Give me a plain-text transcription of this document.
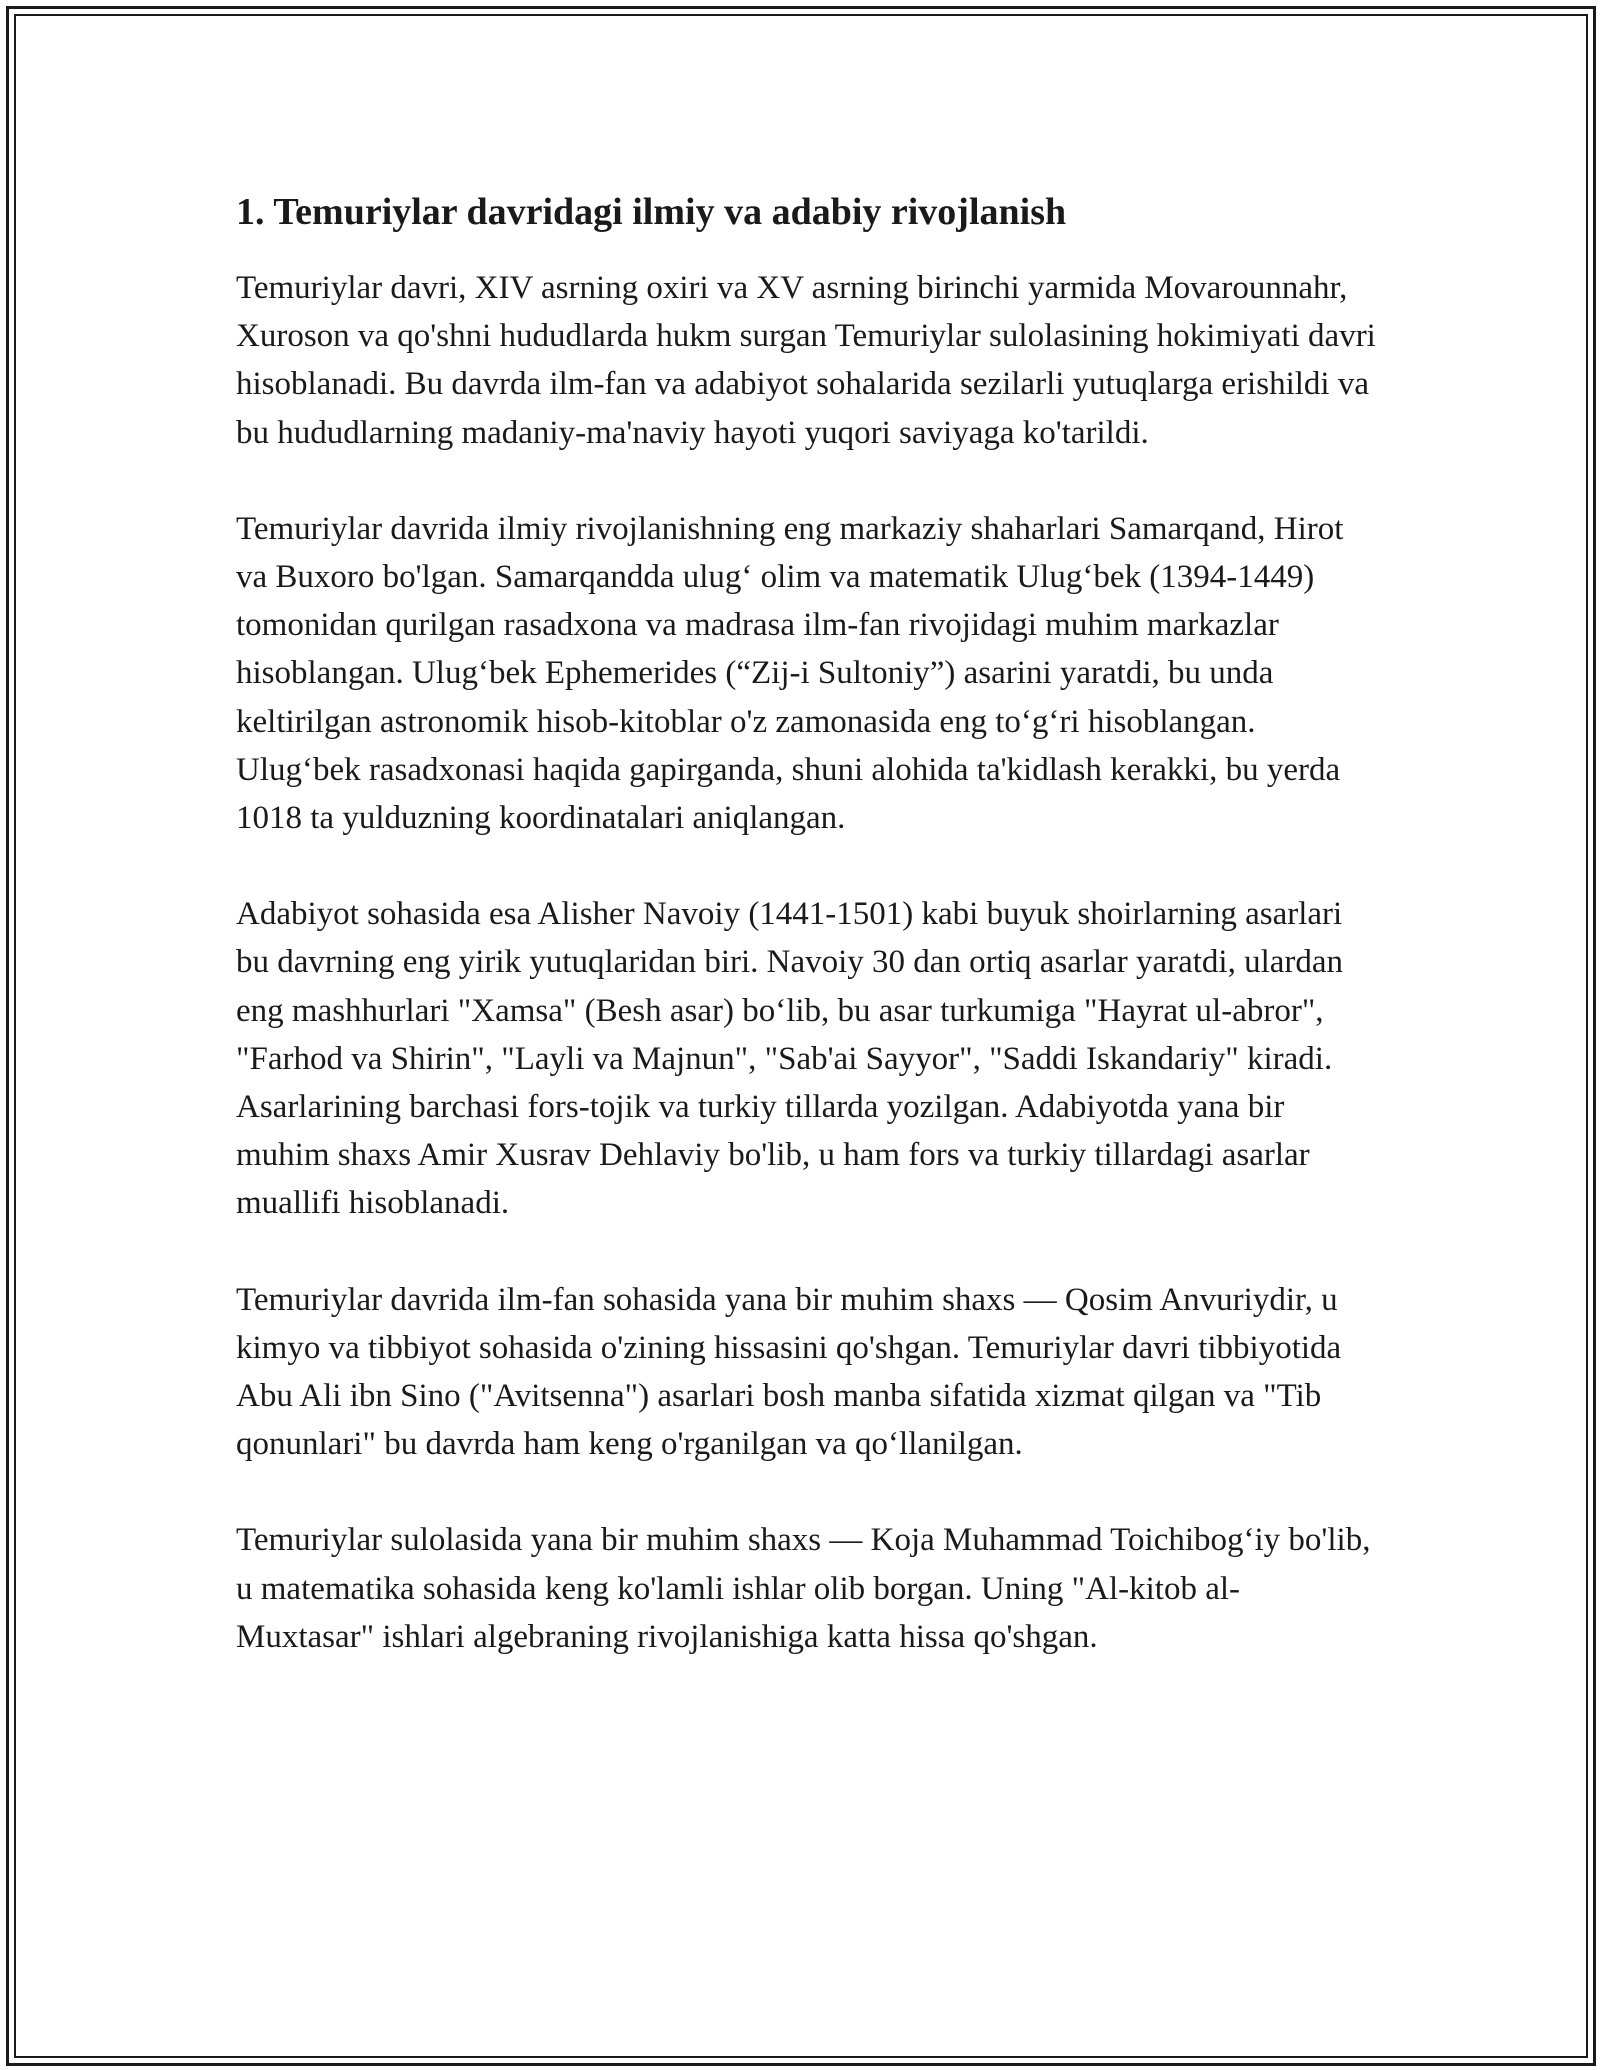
1. Temuriylar davridagi ilmiy va adabiy rivojlanish

Temuriylar davri, XIV asrning oxiri va XV asrning birinchi yarmida Movarounnahr, Xuroson va qo'shni hududlarda hukm surgan Temuriylar sulolasining hokimiyati davri hisoblanadi. Bu davrda ilm-fan va adabiyot sohalarida sezilarli yutuqlarga erishildi va bu hududlarning madaniy-ma'naviy hayoti yuqori saviyaga ko'tarildi.

Temuriylar davrida ilmiy rivojlanishning eng markaziy shaharlari Samarqand, Hirot va Buxoro bo'lgan. Samarqandda ulug‘ olim va matematik Ulug‘bek (1394-1449) tomonidan qurilgan rasadxona va madrasa ilm-fan rivojidagi muhim markazlar hisoblangan. Ulug‘bek Ephemerides (“Zij-i Sultoniy”) asarini yaratdi, bu unda keltirilgan astronomik hisob-kitoblar o'z zamonasida eng to‘g‘ri hisoblangan. Ulug‘bek rasadxonasi haqida gapirganda, shuni alohida ta'kidlash kerakki, bu yerda 1018 ta yulduzning koordinatalari aniqlangan.

Adabiyot sohasida esa Alisher Navoiy (1441-1501) kabi buyuk shoirlarning asarlari bu davrning eng yirik yutuqlaridan biri. Navoiy 30 dan ortiq asarlar yaratdi, ulardan eng mashhurlari "Xamsa" (Besh asar) bo‘lib, bu asar turkumiga "Hayrat ul-abror", "Farhod va Shirin", "Layli va Majnun", "Sab'ai Sayyor", "Saddi Iskandariy" kiradi. Asarlarining barchasi fors-tojik va turkiy tillarda yozilgan. Adabiyotda yana bir muhim shaxs Amir Xusrav Dehlaviy bo'lib, u ham fors va turkiy tillardagi asarlar muallifi hisoblanadi.

Temuriylar davrida ilm-fan sohasida yana bir muhim shaxs — Qosim Anvuriydir, u kimyo va tibbiyot sohasida o'zining hissasini qo'shgan. Temuriylar davri tibbiyotida Abu Ali ibn Sino ("Avitsenna") asarlari bosh manba sifatida xizmat qilgan va "Tib qonunlari" bu davrda ham keng o'rganilgan va qo‘llanilgan.

Temuriylar sulolasida yana bir muhim shaxs — Koja Muhammad Toichibog‘iy bo'lib, u matematika sohasida keng ko'lamli ishlar olib borgan. Uning "Al-kitob al-Muxtasar" ishlari algebraning rivojlanishiga katta hissa qo'shgan.
